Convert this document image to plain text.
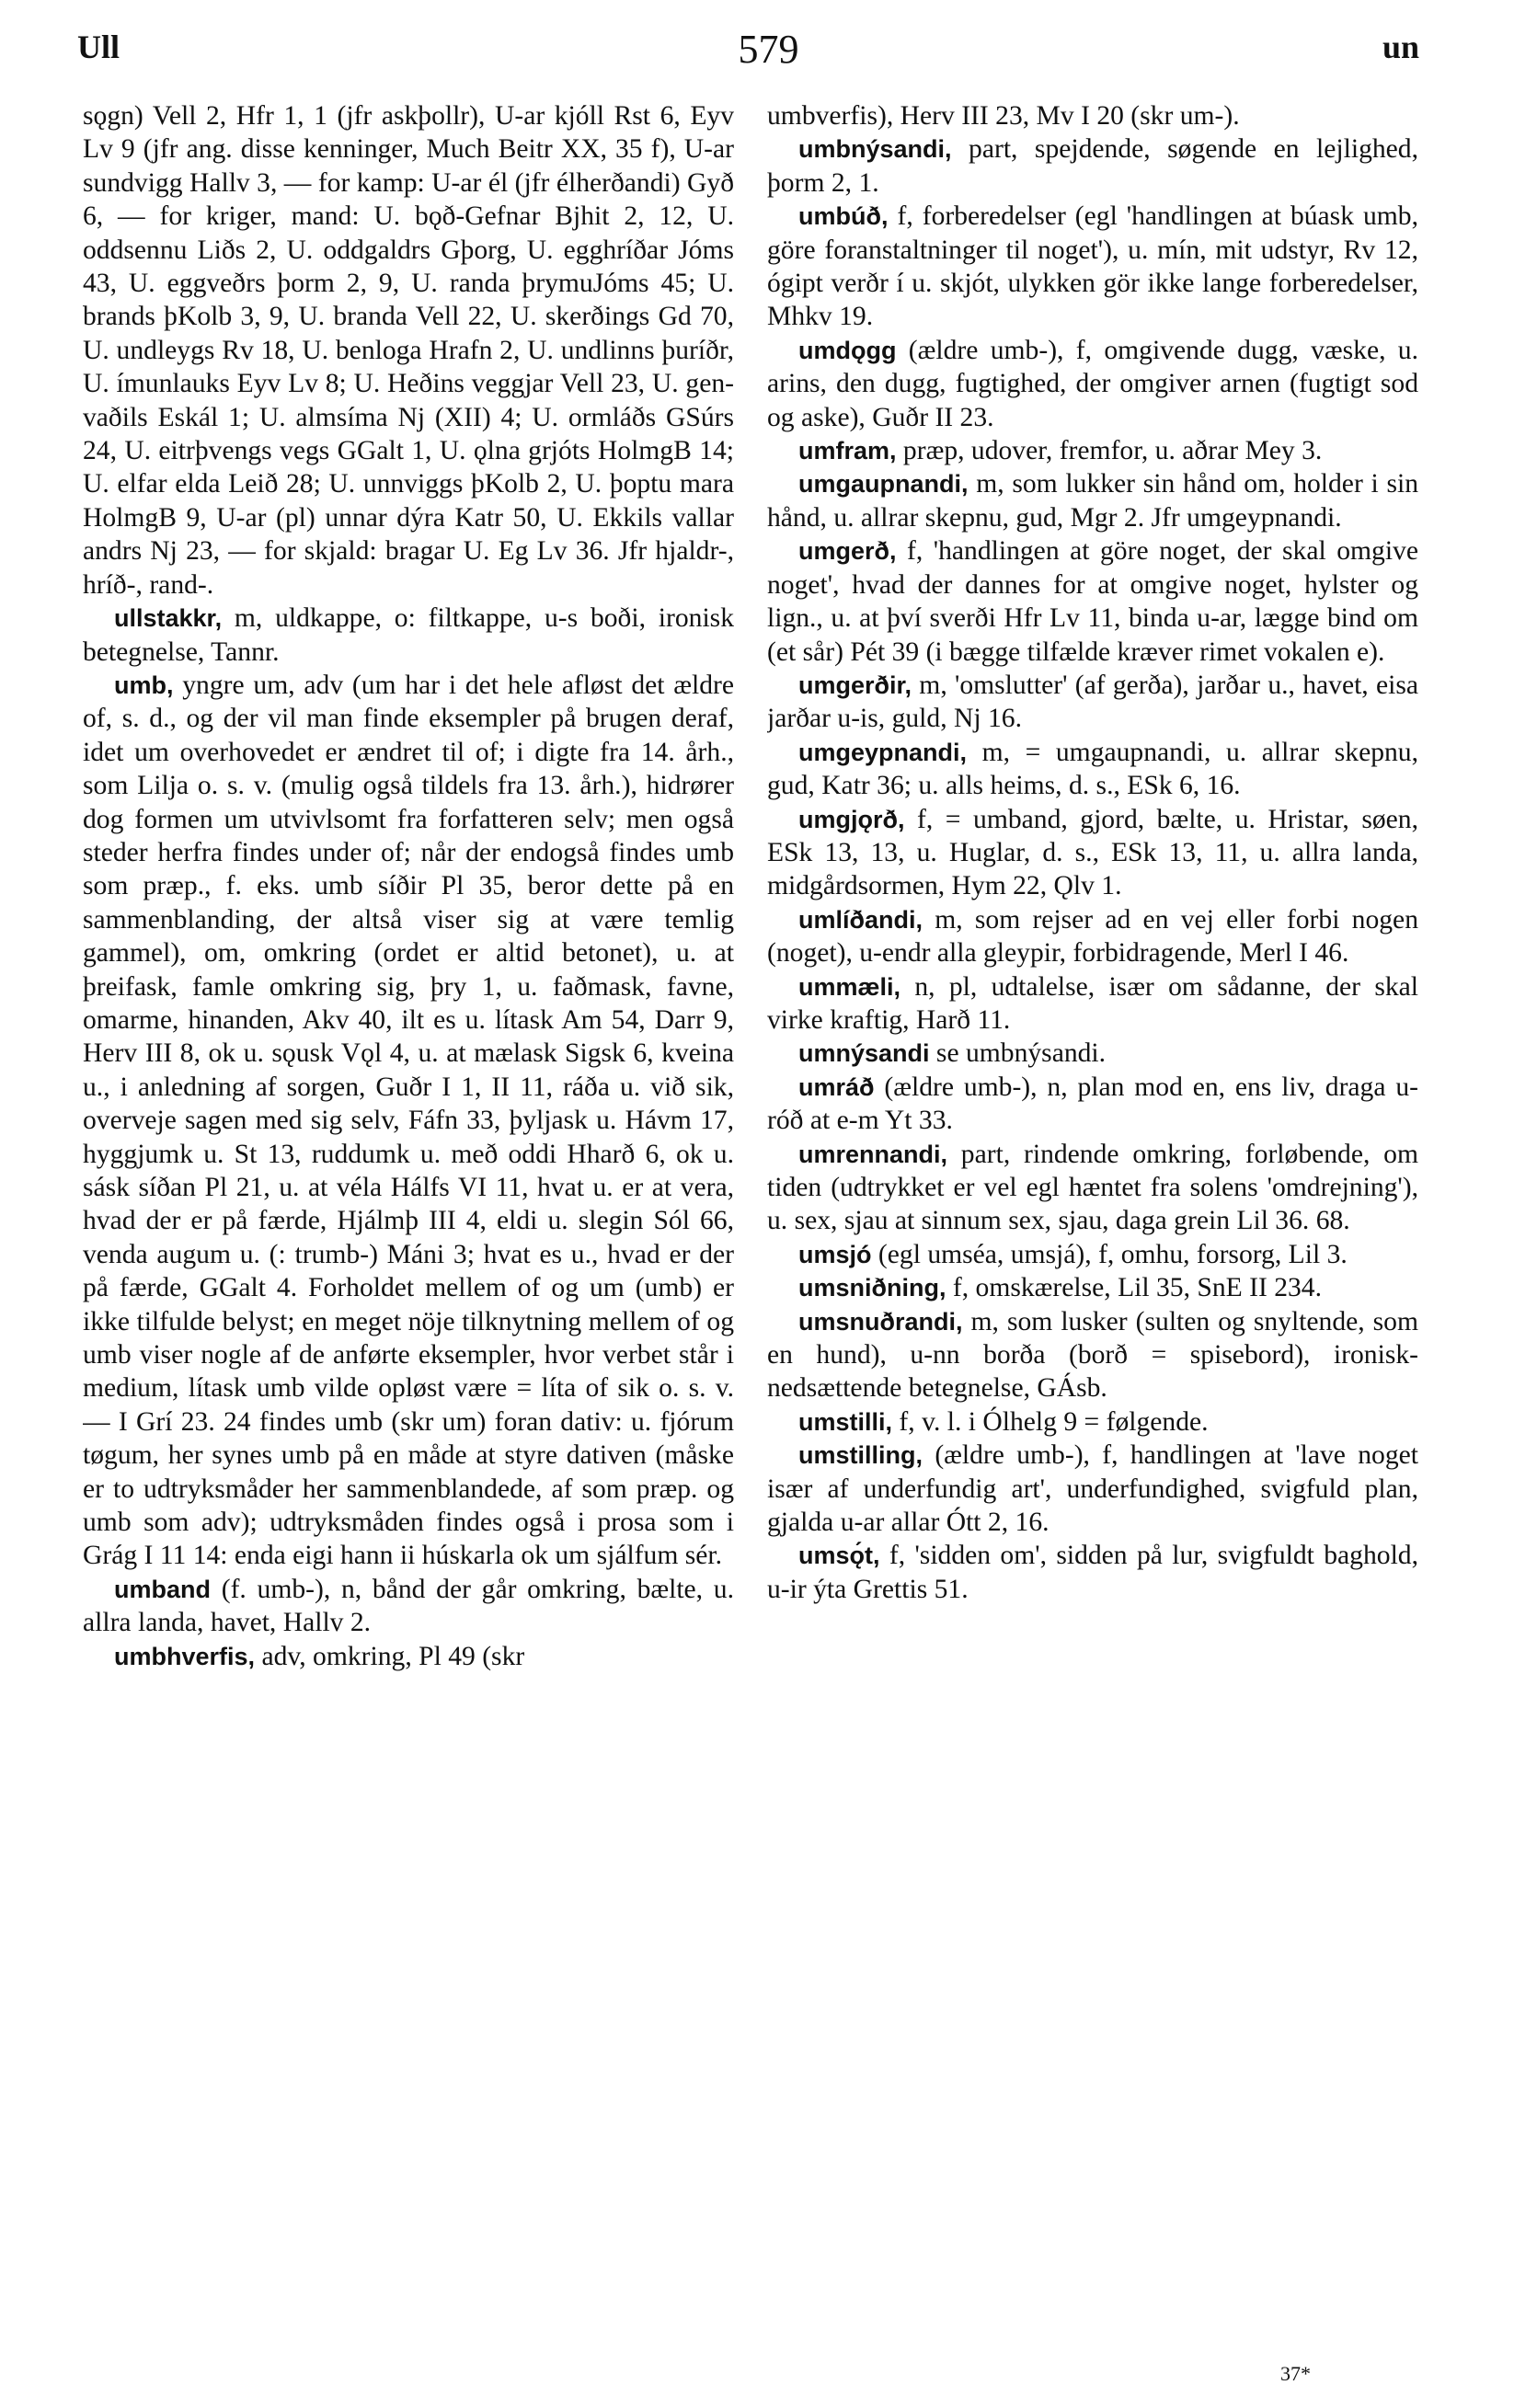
Ull	579	un

sǫgn) Vell 2, Hfr 1, 1 (jfr askþollr), U-ar kjóll Rst 6, Eyv Lv 9 (jfr ang. disse kenninger, Much Beitr XX, 35 f), U-ar sundvigg Hallv 3, — for kamp: U-ar él (jfr élherðandi) Gyð 6, — for kriger, mand: U. bǫð-Gefnar Bjhit 2, 12, U. oddsennu Liðs 2, U. oddgaldrs Gþorg, U. egghríðar Jóms 43, U. eggveðrs þorm 2, 9, U. randa þrymuJóms 45; U. brands þKolb 3, 9, U. branda Vell 22, U. skerðings Gd 70, U. undleygs Rv 18, U. benloga Hrafn 2, U. undlinns þuríðr, U. ímunlauks Eyv Lv 8; U. Heðins veggjar Vell 23, U. gen-vaðils Eskál 1; U. almsíma Nj (XII) 4; U. ormláðs GSúrs 24, U. eitrþvengs vegs GGalt 1, U. ǫlna grjóts HolmgB 14; U. elfar elda Leið 28; U. unnviggs þKolb 2, U. þoptu mara HolmgB 9, U-ar (pl) unnar dýra Katr 50, U. Ekkils vallar andrs Nj 23, — for skjald: bragar U. Eg Lv 36. Jfr hjaldr-, hríð-, rand-.

ullstakkr, m, uldkappe, o: filtkappe, u-s boði, ironisk betegnelse, Tannr.

umb, yngre um, adv (um har i det hele afløst det ældre of, s. d., og der vil man finde eksempler på brugen deraf, idet um overhovedet er ændret til of; i digte fra 14. årh., som Lilja o. s. v. (mulig også tildels fra 13. årh.), hidrører dog formen um utvivlsomt fra forfatteren selv; men også steder herfra findes under of; når der endogså findes umb som præp., f. eks. umb síðir Pl 35, beror dette på en sammenblanding, der altså viser sig at være temlig gammel), om, omkring (ordet er altid betonet), u. at þreifask, famle omkring sig, þry 1, u. faðmask, favne, omarme, hinanden, Akv 40, ilt es u. lítask Am 54, Darr 9, Herv III 8, ok u. sǫusk Vǫl 4, u. at mælask Sigsk 6, kveina u., i anledning af sorgen, Guðr I 1, II 11, ráða u. við sik, overveje sagen med sig selv, Fáfn 33, þyljask u. Hávm 17, hyggjumk u. St 13, ruddumk u. með oddi Hharð 6, ok u. sásk síðan Pl 21, u. at véla Hálfs VI 11, hvat u. er at vera, hvad der er på færde, Hjálmþ III 4, eldi u. slegin Sól 66, venda augum u. (: trumb-) Máni 3; hvat es u., hvad er der på færde, GGalt 4. Forholdet mellem of og um (umb) er ikke tilfulde belyst; en meget nöje tilknytning mellem of og umb viser nogle af de anførte eksempler, hvor verbet står i medium, lítask umb vilde opløst være = líta of sik o. s. v. — I Grí 23. 24 findes umb (skr um) foran dativ: u. fjórum tøgum, her synes umb på en måde at styre dativen (måske er to udtryksmåder her sammenblandede, af som præp. og umb som adv); udtryksmåden findes også i prosa som i Grág I 11 14: enda eigi hann ii húskarla ok um sjálfum sér.

umband (f. umb-), n, bånd der går omkring, bælte, u. allra landa, havet, Hallv 2.

umbhverfis, adv, omkring, Pl 49 (skr

umbverfis), Herv III 23, Mv I 20 (skr um-).

umbnýsandi, part, spejdende, søgende en lejlighed, þorm 2, 1.

umbúð, f, forberedelser (egl 'handlingen at búask umb, göre foranstaltninger til noget'), u. mín, mit udstyr, Rv 12, ógipt verðr í u. skjót, ulykken gör ikke lange forberedelser, Mhkv 19.

umdǫgg (ældre umb-), f, omgivende dugg, væske, u. arins, den dugg, fugtighed, der omgiver arnen (fugtigt sod og aske), Guðr II 23.

umfram, præp, udover, fremfor, u. aðrar Mey 3.

umgaupnandi, m, som lukker sin hånd om, holder i sin hånd, u. allrar skepnu, gud, Mgr 2. Jfr umgeypnandi.

umgerð, f, 'handlingen at göre noget, der skal omgive noget', hvad der dannes for at omgive noget, hylster og lign., u. at því sverði Hfr Lv 11, binda u-ar, lægge bind om (et sår) Pét 39 (i bægge tilfælde kræver rimet vokalen e).

umgerðir, m, 'omslutter' (af gerða), jarðar u., havet, eisa jarðar u-is, guld, Nj 16.

umgeypnandi, m, = umgaupnandi, u. allrar skepnu, gud, Katr 36; u. alls heims, d. s., ESk 6, 16.

umgjǫrð, f, = umband, gjord, bælte, u. Hristar, søen, ESk 13, 13, u. Huglar, d. s., ESk 13, 11, u. allra landa, midgårdsormen, Hym 22, Ǫlv 1.

umlíðandi, m, som rejser ad en vej eller forbi nogen (noget), u-endr alla gleypir, forbidragende, Merl I 46.

ummæli, n, pl, udtalelse, især om sådanne, der skal virke kraftig, Harð 11.

umnýsandi se umbnýsandi.

umráð (ældre umb-), n, plan mod en, ens liv, draga u-róð at e-m Yt 33.

umrennandi, part, rindende omkring, forløbende, om tiden (udtrykket er vel egl hæntet fra solens 'omdrejning'), u. sex, sjau at sinnum sex, sjau, daga grein Lil 36. 68.

umsjó (egl umséa, umsjá), f, omhu, forsorg, Lil 3.

umsniðning, f, omskærelse, Lil 35, SnE II 234.

umsnuðrandi, m, som lusker (sulten og snyltende, som en hund), u-nn borða (borð = spisebord), ironisk-nedsættende betegnelse, GÁsb.

umstilli, f, v. l. i Ólhelg 9 = følgende.

umstilling, (ældre umb-), f, handlingen at 'lave noget især af underfundig art', underfundighed, svigfuld plan, gjalda u-ar allar Ótt 2, 16.

umsǫ́t, f, 'sidden om', sidden på lur, svigfuldt baghold, u-ir ýta Grettis 51.

37*
